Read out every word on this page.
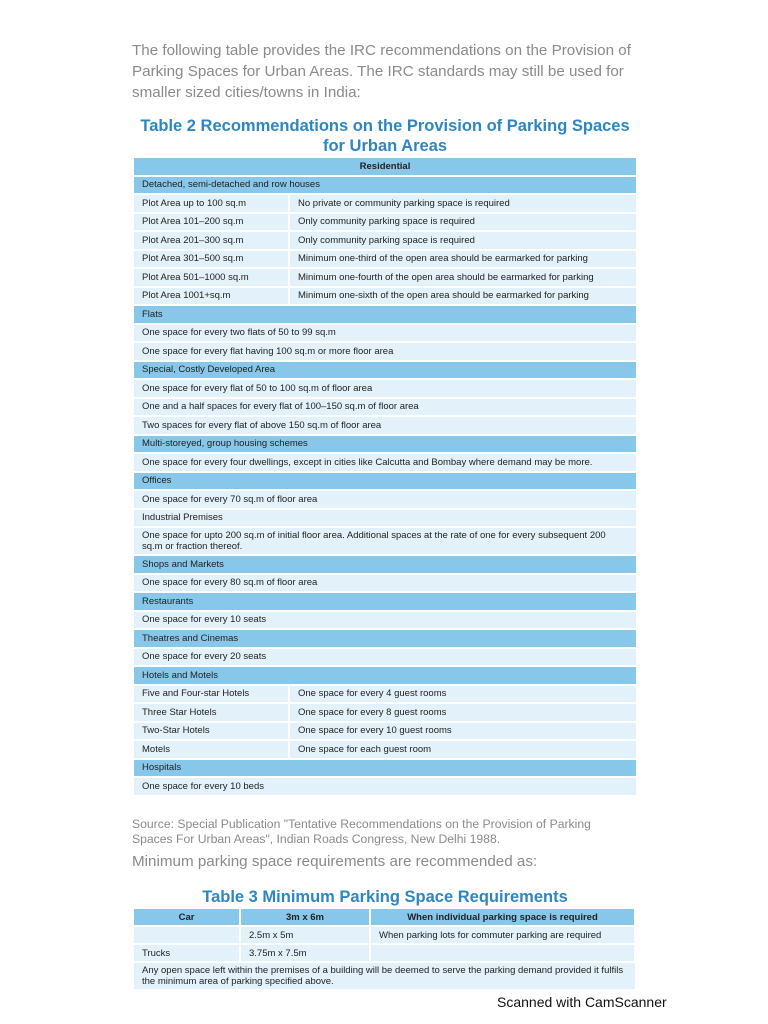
The following table provides the IRC recommendations on the Provision of Parking Spaces for Urban Areas. The IRC standards may still be used for smaller sized cities/towns in India:

Table 2 Recommendations on the Provision of Parking Spaces
for Urban Areas
Residential	
Detached, semi-detached and row houses	
Plot Area up to 100 sq.m	No private or community parking space is required
Plot Area 101–200 sq.m	Only community parking space is required
Plot Area 201–300 sq.m	Only community parking space is required
Plot Area 301–500 sq.m	Minimum one-third of the open area should be earmarked for parking
Plot Area 501–1000 sq.m	Minimum one-fourth of the open area should be earmarked for parking
Plot Area 1001+sq.m	Minimum one-sixth of the open area should be earmarked for parking
Flats	
One space for every two flats of 50 to 99 sq.m	
One space for every flat having 100 sq.m or more floor area	
Special, Costly Developed Area	
One space for every flat of 50 to 100 sq.m of floor area	
One and a half spaces for every flat of 100–150 sq.m of floor area	
Two spaces for every flat of above 150 sq.m of floor area	
Multi-storeyed, group housing schemes	
One space for every four dwellings, except in cities like Calcutta and Bombay where demand may be more.	
Offices	
One space for every 70 sq.m of floor area	
Industrial Premises	
One space for upto 200 sq.m of initial floor area. Additional spaces at the rate of one for every subsequent 200 sq.m or fraction thereof.	
Shops and Markets	
One space for every 80 sq.m of floor area	
Restaurants	
One space for every 10 seats	
Theatres and Cinemas	
One space for every 20 seats	
Hotels and Motels	
Five and Four-star Hotels	One space for every 4 guest rooms
Three Star Hotels	One space for every 8 guest rooms
Two-Star Hotels	One space for every 10 guest rooms
Motels	One space for each guest room
Hospitals	
One space for every 10 beds	

Source: Special Publication "Tentative Recommendations on the Provision of Parking Spaces For Urban Areas", Indian Roads Congress, New Delhi 1988.

Minimum parking space requirements are recommended as:

Table 3 Minimum Parking Space Requirements
Car	3m x 6m	When individual parking space is required
	2.5m x 5m	When parking lots for commuter parking are required
Trucks	3.75m x 7.5m	
Any open space left within the premises of a building will be deemed to serve the parking demand provided it fulfils the minimum area of parking specified above.		

Scanned with CamScanner
